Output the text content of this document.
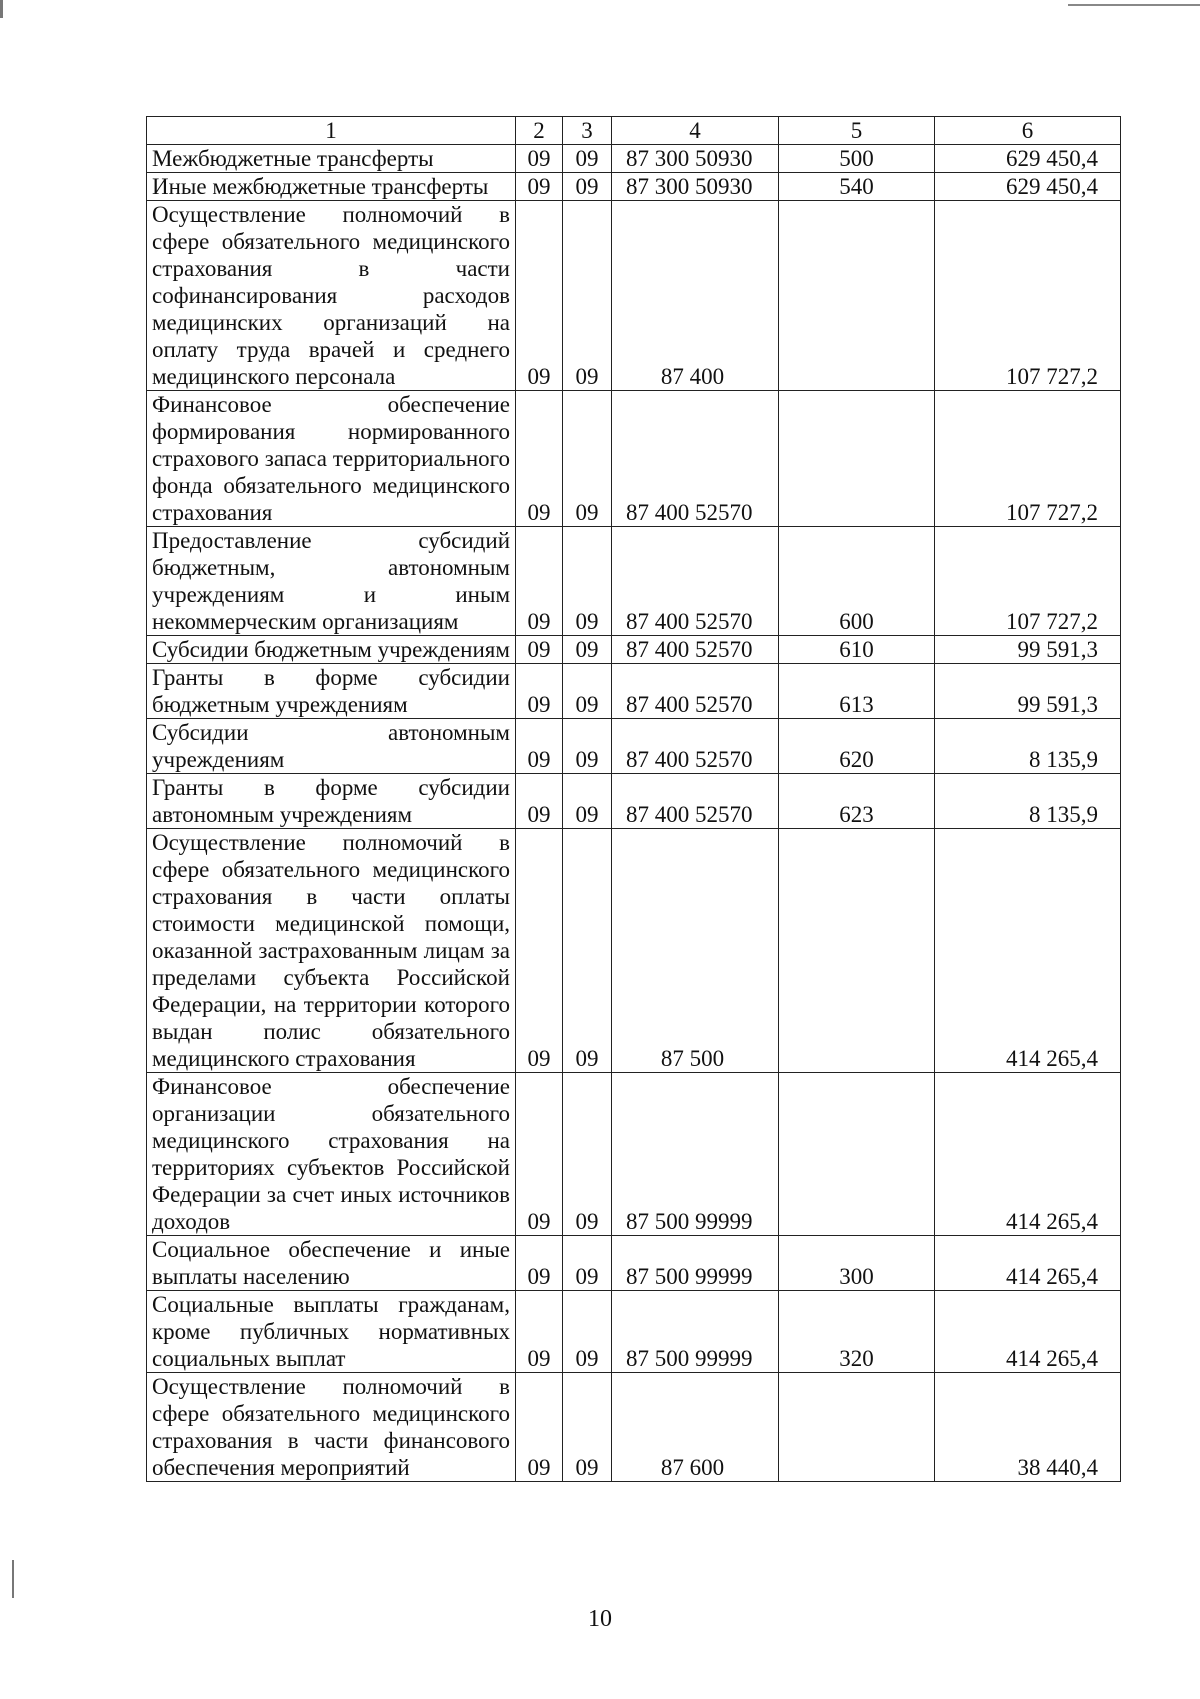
1	2	3	4	5	6
Межбюджетные трансферты	09	09	87 300 50930	500	629 450,4
Иные межбюджетные трансферты	09	09	87 300 50930	540	629 450,4
Осуществление полномочий в сфере обязательного медицинского страхования в части софинансирования расходов медицинских организаций на оплату труда врачей и среднего медицинского персонала	09	09	87 400		107 727,2
Финансовое обеспечение формирования нормированного страхового запаса территориального фонда обязательного медицинского страхования	09	09	87 400 52570		107 727,2
Предоставление субсидий бюджетным, автономным учреждениям и иным некоммерческим организациям	09	09	87 400 52570	600	107 727,2
Субсидии бюджетным учреждениям	09	09	87 400 52570	610	99 591,3
Гранты в форме субсидии бюджетным учреждениям	09	09	87 400 52570	613	99 591,3
Субсидии автономным учреждениям	09	09	87 400 52570	620	8 135,9
Гранты в форме субсидии автономным учреждениям	09	09	87 400 52570	623	8 135,9
Осуществление полномочий в сфере обязательного медицинского страхования в части оплаты стоимости медицинской помощи, оказанной застрахованным лицам за пределами субъекта Российской Федерации, на территории которого выдан полис обязательного медицинского страхования	09	09	87 500		414 265,4
Финансовое обеспечение организации обязательного медицинского страхования на территориях субъектов Российской Федерации за счет иных источников доходов	09	09	87 500 99999		414 265,4
Социальное обеспечение и иные выплаты населению	09	09	87 500 99999	300	414 265,4
Социальные выплаты гражданам, кроме публичных нормативных социальных выплат	09	09	87 500 99999	320	414 265,4
Осуществление полномочий в сфере обязательного медицинского страхования в части финансового обеспечения мероприятий	09	09	87 600		38 440,4
10
